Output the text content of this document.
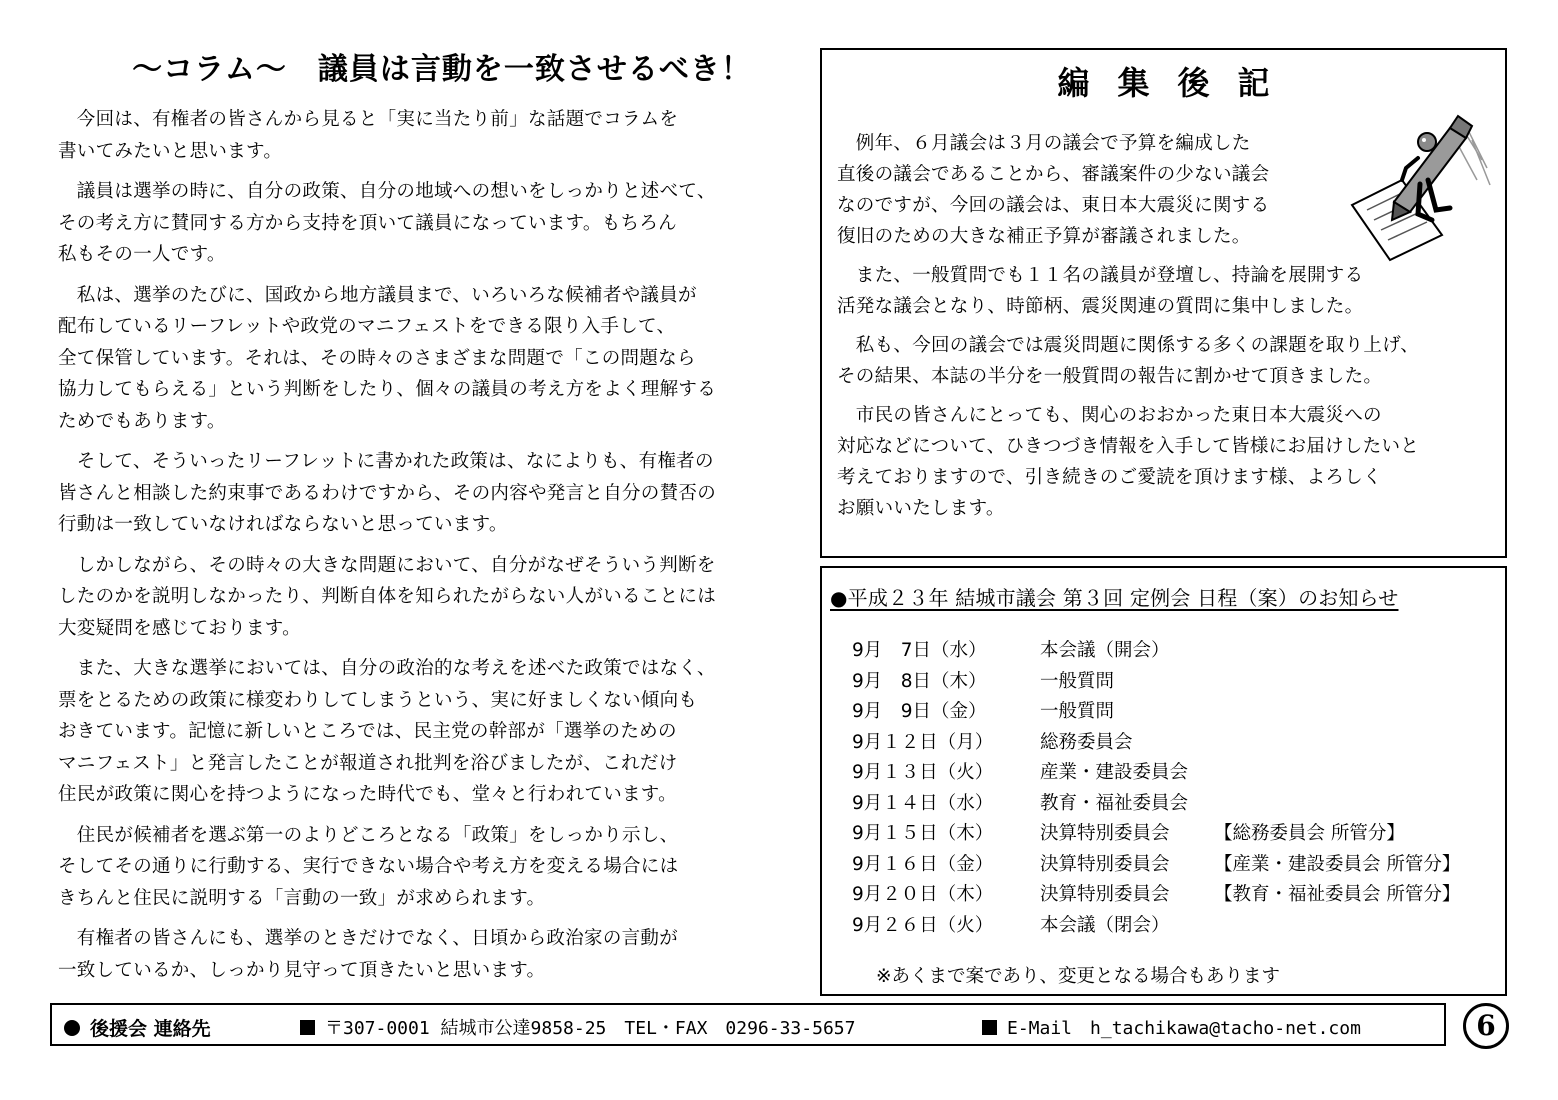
～コラム～　議員は言動を一致させるべき！

　今回は、有権者の皆さんから見ると「実に当たり前」な話題でコラムを
書いてみたいと思います。

　議員は選挙の時に、自分の政策、自分の地域への想いをしっかりと述べて、
その考え方に賛同する方から支持を頂いて議員になっています。もちろん
私もその一人です。

　私は、選挙のたびに、国政から地方議員まで、いろいろな候補者や議員が
配布しているリーフレットや政党のマニフェストをできる限り入手して、
全て保管しています。それは、その時々のさまざまな問題で「この問題なら
協力してもらえる」という判断をしたり、個々の議員の考え方をよく理解する
ためでもあります。

　そして、そういったリーフレットに書かれた政策は、なによりも、有権者の
皆さんと相談した約束事であるわけですから、その内容や発言と自分の賛否の
行動は一致していなければならないと思っています。

　しかしながら、その時々の大きな問題において、自分がなぜそういう判断を
したのかを説明しなかったり、判断自体を知られたがらない人がいることには
大変疑問を感じております。

　また、大きな選挙においては、自分の政治的な考えを述べた政策ではなく、
票をとるための政策に様変わりしてしまうという、実に好ましくない傾向も
おきています。記憶に新しいところでは、民主党の幹部が「選挙のための
マニフェスト」と発言したことが報道され批判を浴びましたが、これだけ
住民が政策に関心を持つようになった時代でも、堂々と行われています。

　住民が候補者を選ぶ第一のよりどころとなる「政策」をしっかり示し、
そしてその通りに行動する、実行できない場合や考え方を変える場合には
きちんと住民に説明する「言動の一致」が求められます。

　有権者の皆さんにも、選挙のときだけでなく、日頃から政治家の言動が
一致しているか、しっかり見守って頂きたいと思います。

編集後記

　例年、６月議会は３月の議会で予算を編成した
直後の議会であることから、審議案件の少ない議会
なのですが、今回の議会は、東日本大震災に関する
復旧のための大きな補正予算が審議されました。

　また、一般質問でも１１名の議員が登壇し、持論を展開する
活発な議会となり、時節柄、震災関連の質問に集中しました。

　私も、今回の議会では震災問題に関係する多くの課題を取り上げ、
その結果、本誌の半分を一般質問の報告に割かせて頂きました。

　市民の皆さんにとっても、関心のおおかった東日本大震災への
対応などについて、ひきつづき情報を入手して皆様にお届けしたいと
考えておりますので、引き続きのご愛読を頂けます様、よろしく
お願いいたします。

●平成２３年 結城市議会 第３回 定例会 日程（案）のお知らせ
9月　7日（水）	本会議（開会）
9月　8日（木）	一般質問
9月　9日（金）	一般質問
9月１２日（月）	総務委員会
9月１３日（火）	産業・建設委員会
9月１４日（水）	教育・福祉委員会
9月１５日（木）	決算特別委員会 【総務委員会 所管分】
9月１６日（金）	決算特別委員会 【産業・建設委員会 所管分】
9月２０日（木）	決算特別委員会 【教育・福祉委員会 所管分】
9月２６日（火）	本会議（閉会）
※あくまで案であり、変更となる場合もあります
後援会 連絡先	〒307-0001 結城市公達9858-25　TEL・FAX　0296-33-5657	E-Mail　h_tachikawa@tacho-net.com	6
